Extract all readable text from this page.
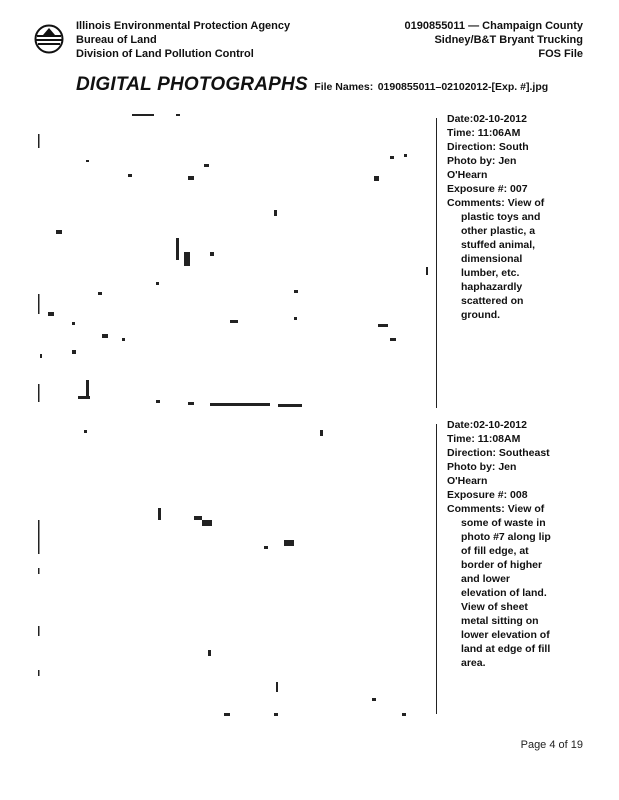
Illinois Environmental Protection Agency
Bureau of Land
Division of Land Pollution Control
0190855011 — Champaign County
Sidney/B&T Bryant Trucking
FOS File
DIGITAL PHOTOGRAPHS File Names: 0190855011–02102012-[Exp. #].jpg
Date:02-10-2012
Time: 11:06AM
Direction: South
Photo by: Jen
O'Hearn
Exposure #: 007
Comments: View of
plastic toys and
other plastic, a
stuffed animal,
dimensional
lumber, etc.
haphazardly
scattered on
ground.
Date:02-10-2012
Time: 11:08AM
Direction: Southeast
Photo by: Jen
O'Hearn
Exposure #: 008
Comments: View of
some of waste in
photo #7 along lip
of fill edge, at
border of higher
and lower
elevation of land.
View of sheet
metal sitting on
lower elevation of
land at edge of fill
area.
Page 4 of 19
